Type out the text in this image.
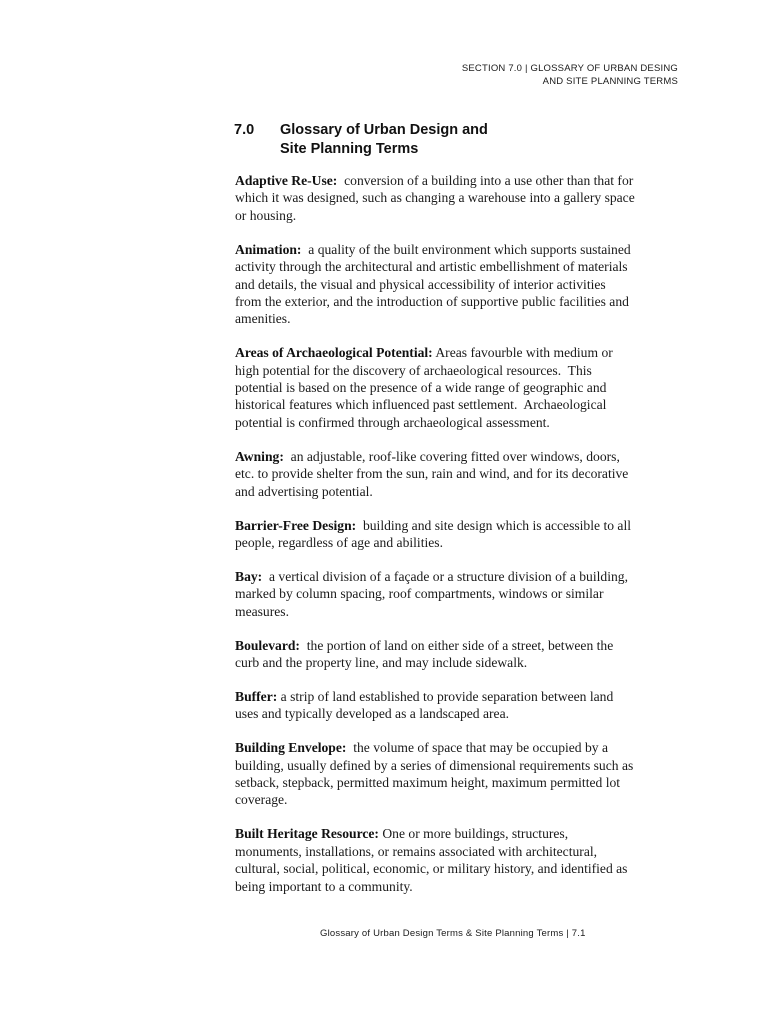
SECTION 7.0 | GLOSSARY OF URBAN DESING
AND SITE PLANNING TERMS
7.0	Glossary of Urban Design and
Site Planning Terms
Adaptive Re-Use:  conversion of a building into a use other than that for
which it was designed, such as changing a warehouse into a gallery space
or housing.
Animation:  a quality of the built environment which supports sustained
activity through the architectural and artistic embellishment of materials
and details, the visual and physical accessibility of interior activities
from the exterior, and the introduction of supportive public facilities and
amenities.
Areas of Archaeological Potential: Areas favourble with medium or
high potential for the discovery of archaeological resources.  This
potential is based on the presence of a wide range of geographic and
historical features which influenced past settlement.  Archaeological
potential is confirmed through archaeological assessment.
Awning:  an adjustable, roof-like covering fitted over windows, doors,
etc. to provide shelter from the sun, rain and wind, and for its decorative
and advertising potential.
Barrier-Free Design:  building and site design which is accessible to all
people, regardless of age and abilities.
Bay:  a vertical division of a façade or a structure division of a building,
marked by column spacing, roof compartments, windows or similar
measures.
Boulevard:  the portion of land on either side of a street, between the
curb and the property line, and may include sidewalk.
Buffer: a strip of land established to provide separation between land
uses and typically developed as a landscaped area.
Building Envelope:  the volume of space that may be occupied by a
building, usually defined by a series of dimensional requirements such as
setback, stepback, permitted maximum height, maximum permitted lot
coverage.
Built Heritage Resource: One or more buildings, structures,
monuments, installations, or remains associated with architectural,
cultural, social, political, economic, or military history, and identified as
being important to a community.
Glossary of Urban Design Terms & Site Planning Terms | 7.1
